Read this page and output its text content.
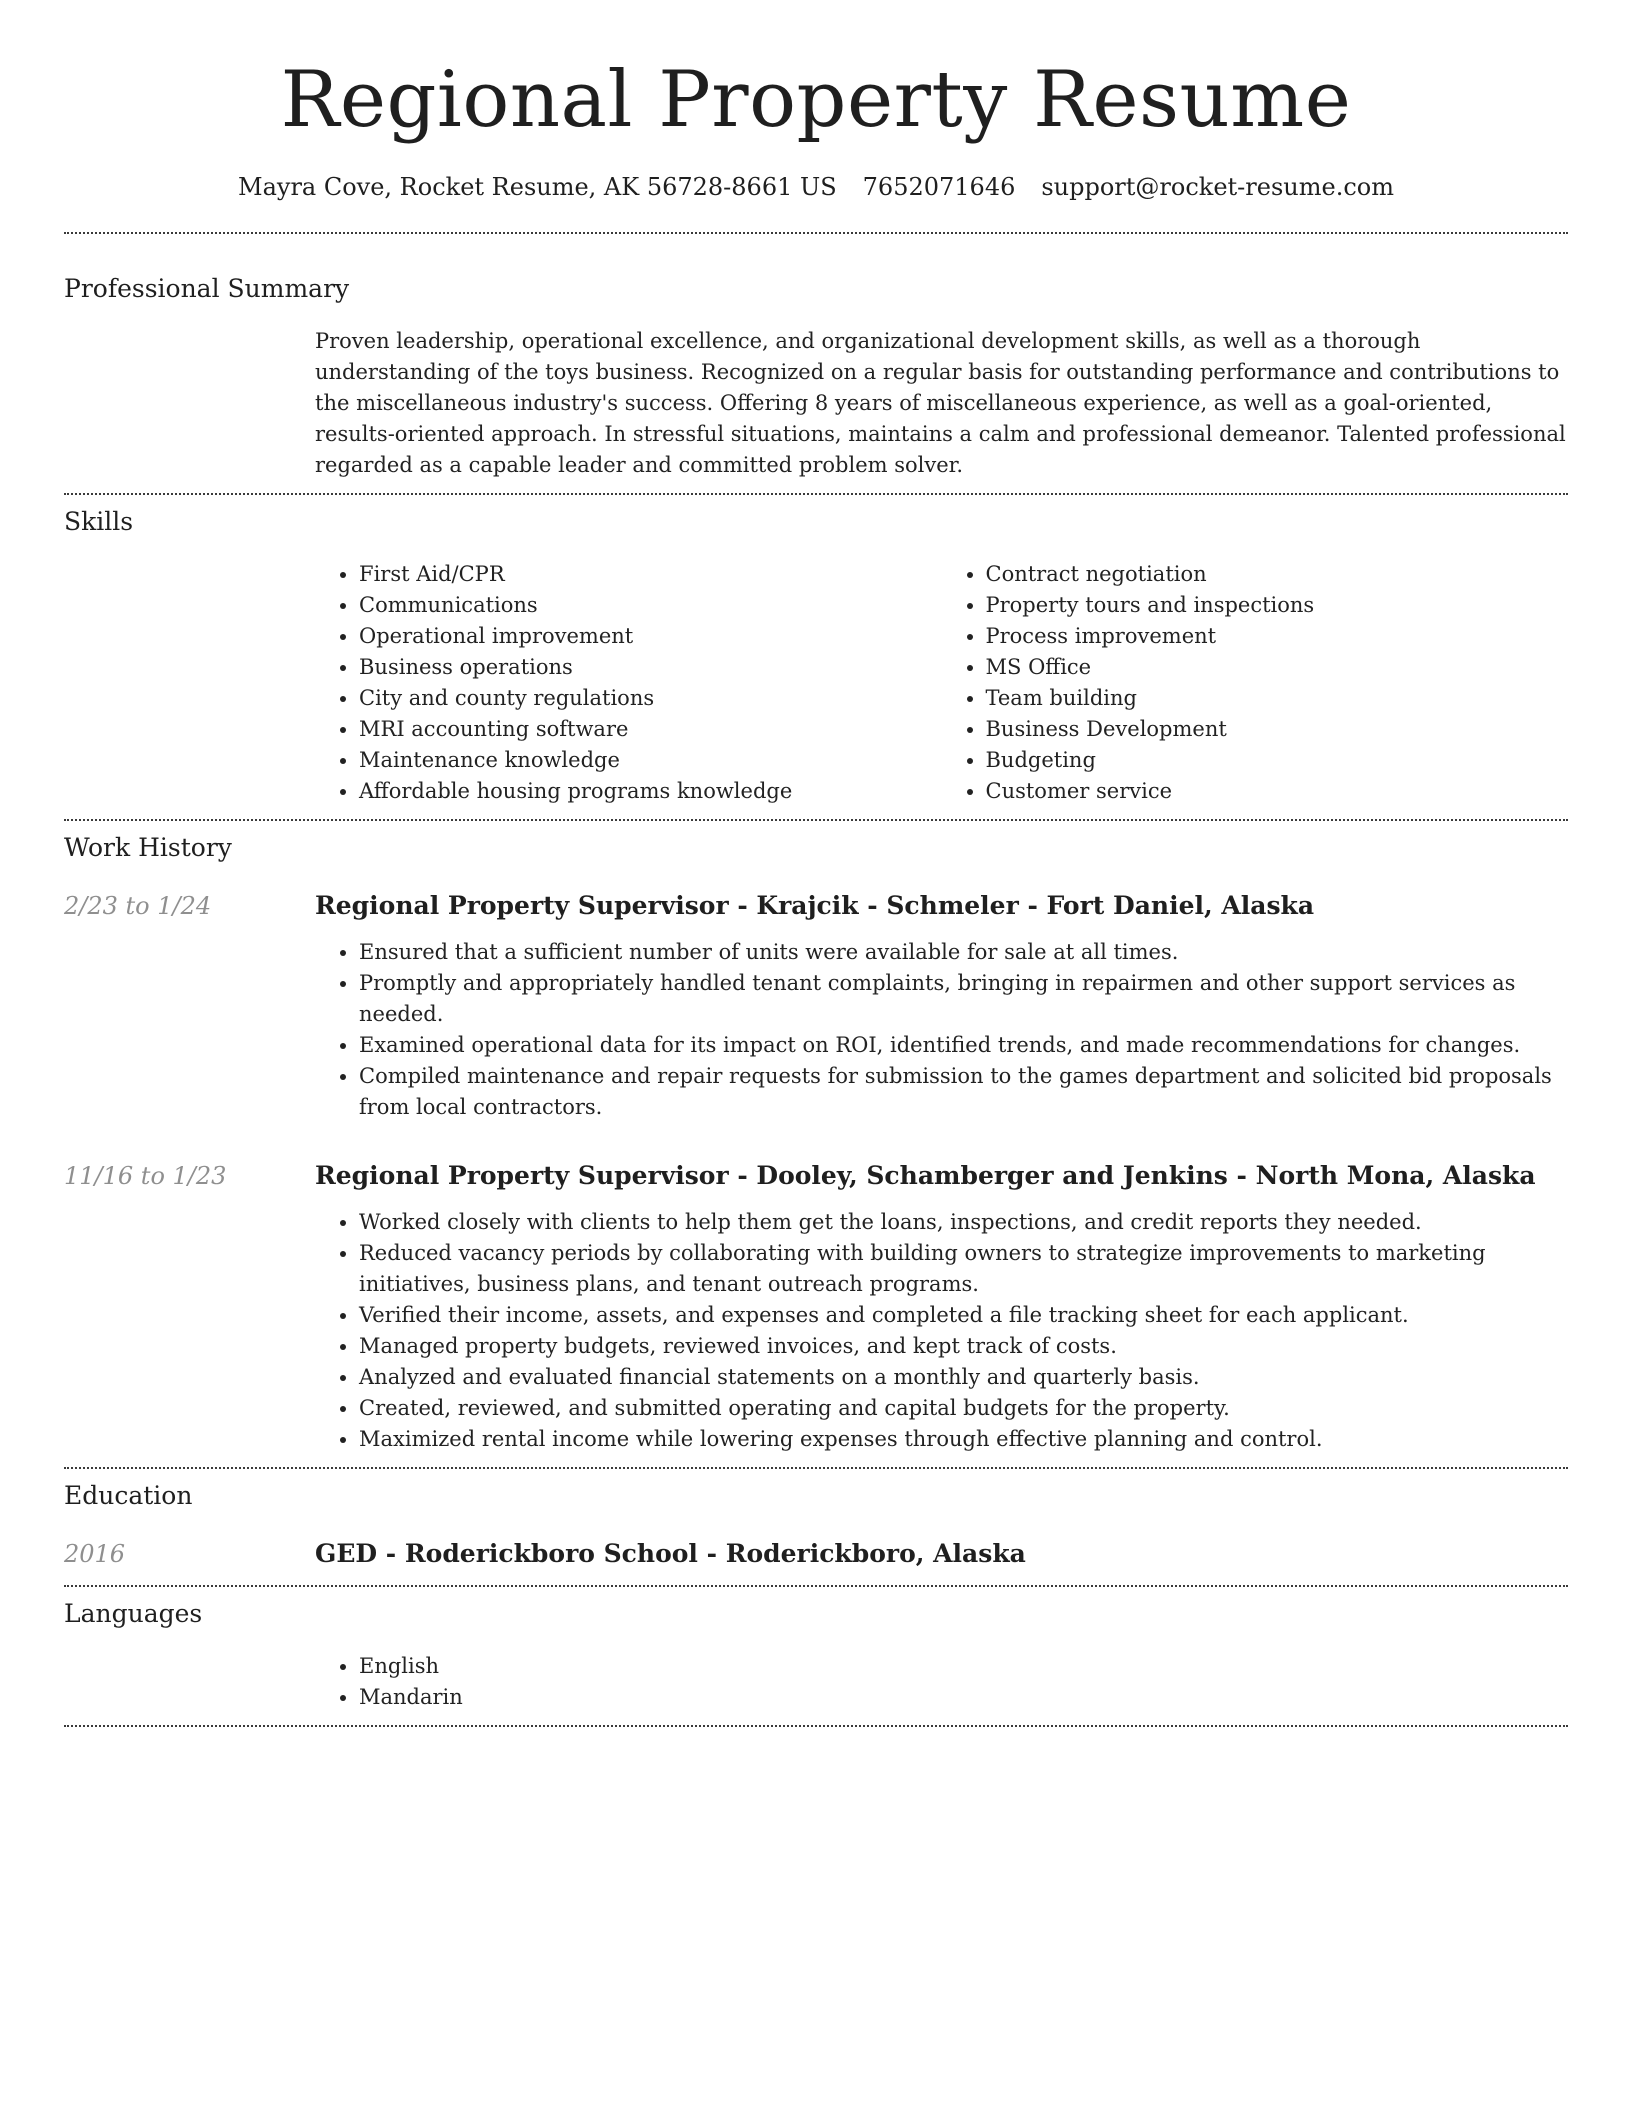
Regional Property Resume
Mayra Cove, Rocket Resume, AK 56728-8661 US 7652071646 support@rocket-resume.com
Professional Summary

Proven leadership, operational excellence, and organizational development skills, as well as a thorough understanding of the toys business. Recognized on a regular basis for outstanding performance and contributions to the miscellaneous industry's success. Offering 8 years of miscellaneous experience, as well as a goal-oriented, results-oriented approach. In stressful situations, maintains a calm and professional demeanor. Talented professional regarded as a capable leader and committed problem solver.

Skills
• First Aid/CPR
• Communications
• Operational improvement
• Business operations
• City and county regulations
• MRI accounting software
• Maintenance knowledge
• Affordable housing programs knowledge
• Contract negotiation
• Property tours and inspections
• Process improvement
• MS Office
• Team building
• Business Development
• Budgeting
• Customer service
Work History
2/23 to 1/24	Regional Property Supervisor - Krajcik - Schmeler - Fort Daniel, Alaska
• Ensured that a sufficient number of units were available for sale at all times.
• Promptly and appropriately handled tenant complaints, bringing in repairmen and other support services as needed.
• Examined operational data for its impact on ROI, identified trends, and made recommendations for changes.
• Compiled maintenance and repair requests for submission to the games department and solicited bid proposals from local contractors.
11/16 to 1/23	Regional Property Supervisor - Dooley, Schamberger and Jenkins - North Mona, Alaska
• Worked closely with clients to help them get the loans, inspections, and credit reports they needed.
• Reduced vacancy periods by collaborating with building owners to strategize improvements to marketing initiatives, business plans, and tenant outreach programs.
• Verified their income, assets, and expenses and completed a file tracking sheet for each applicant.
• Managed property budgets, reviewed invoices, and kept track of costs.
• Analyzed and evaluated financial statements on a monthly and quarterly basis.
• Created, reviewed, and submitted operating and capital budgets for the property.
• Maximized rental income while lowering expenses through effective planning and control.
Education
2016	GED - Roderickboro School - Roderickboro, Alaska
Languages
• English
• Mandarin
